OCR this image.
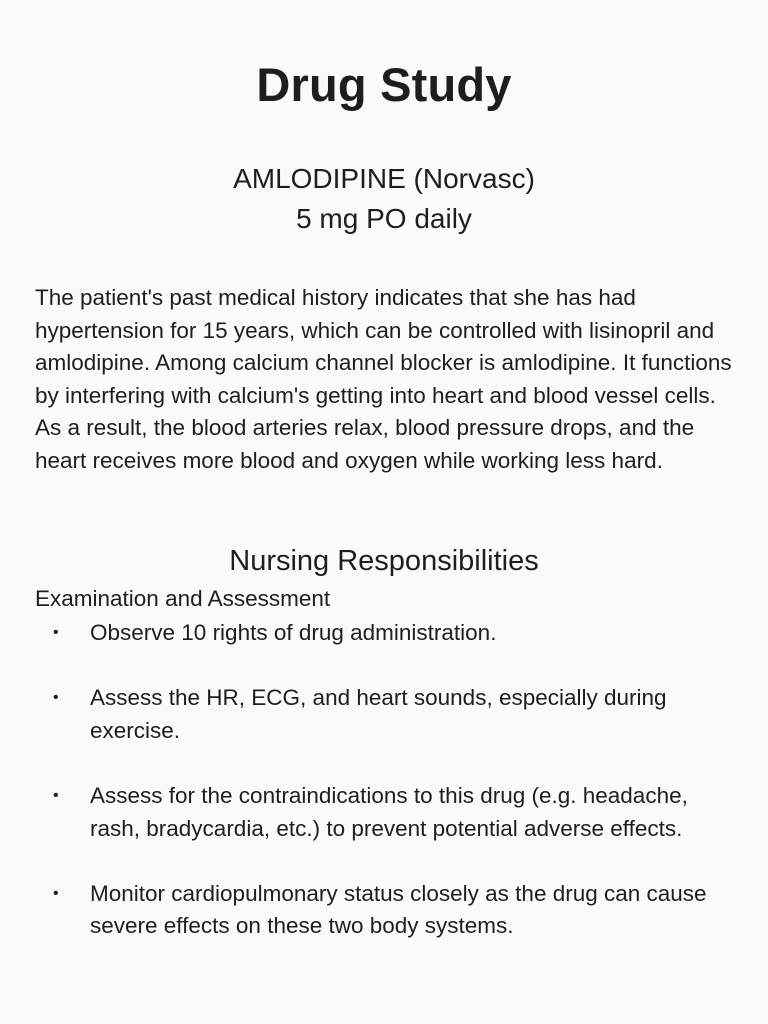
Drug Study
AMLODIPINE (Norvasc)
5 mg PO daily

The patient's past medical history indicates that she has had hypertension for 15 years, which can be controlled with lisinopril and amlodipine. Among calcium channel blocker is amlodipine. It functions by interfering with calcium's getting into heart and blood vessel cells. As a result, the blood arteries relax, blood pressure drops, and the heart receives more blood and oxygen while working less hard.

Nursing Responsibilities
Examination and Assessment
• Observe 10 rights of drug administration.
• Assess the HR, ECG, and heart sounds, especially during exercise.
• Assess for the contraindications to this drug (e.g. headache, rash, bradycardia, etc.) to prevent potential adverse effects.
• Monitor cardiopulmonary status closely as the drug can cause severe effects on these two body systems.
